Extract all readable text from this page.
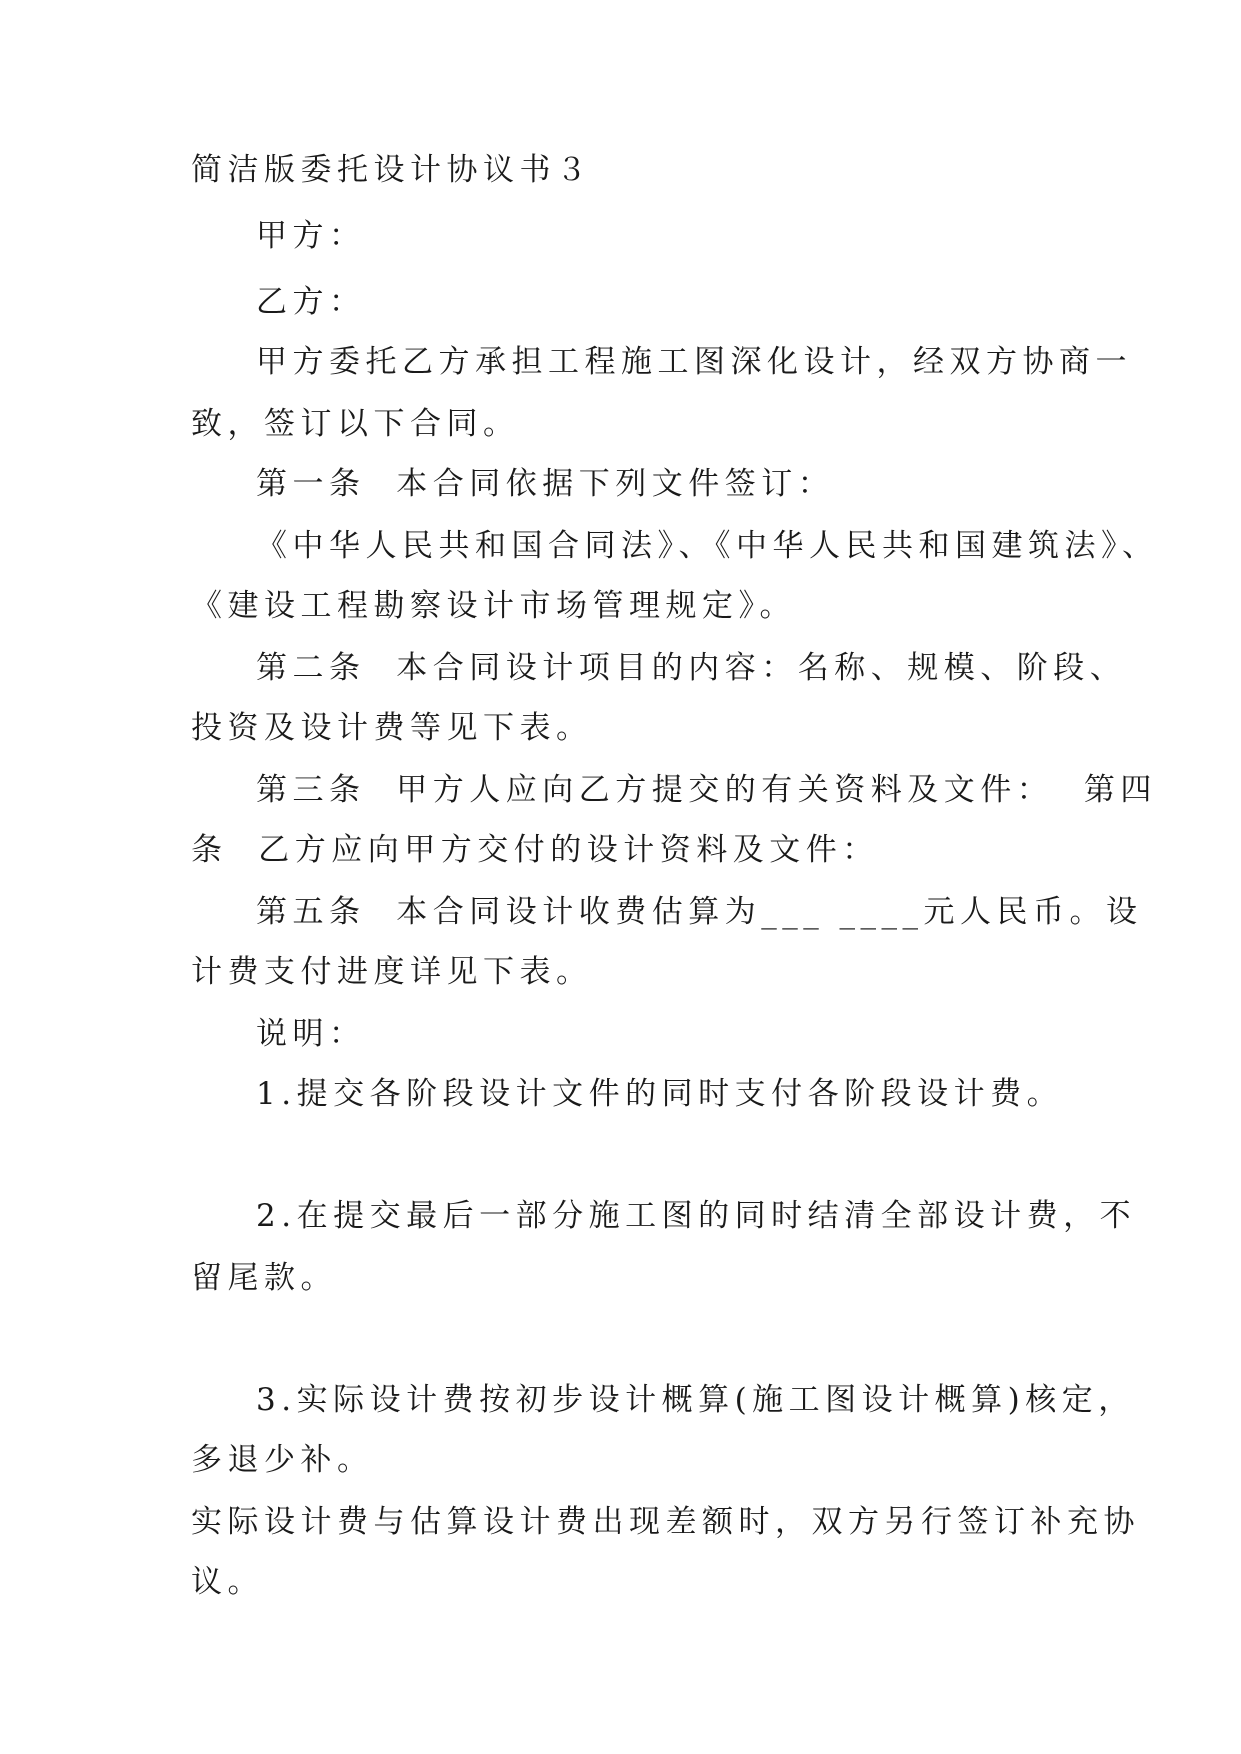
简洁版委托设计协议书３
甲方：
乙方：
甲方委托乙方承担工程施工图深化设计，经双方协商一
致，签订以下合同。
第一条  本合同依据下列文件签订：
《中华人民共和国合同法》、《中华人民共和国建筑法》、
《建设工程勘察设计市场管理规定》。
第二条  本合同设计项目的内容：名称、规模、阶段、
投资及设计费等见下表。
第三条  甲方人应向乙方提交的有关资料及文件：  第四
条  乙方应向甲方交付的设计资料及文件：
第五条  本合同设计收费估算为___ ____元人民币。设
计费支付进度详见下表。
说明：
1.提交各阶段设计文件的同时支付各阶段设计费。
2.在提交最后一部分施工图的同时结清全部设计费，不
留尾款。
3.实际设计费按初步设计概算(施工图设计概算)核定，
多退少补。
实际设计费与估算设计费出现差额时，双方另行签订补充协
议。
